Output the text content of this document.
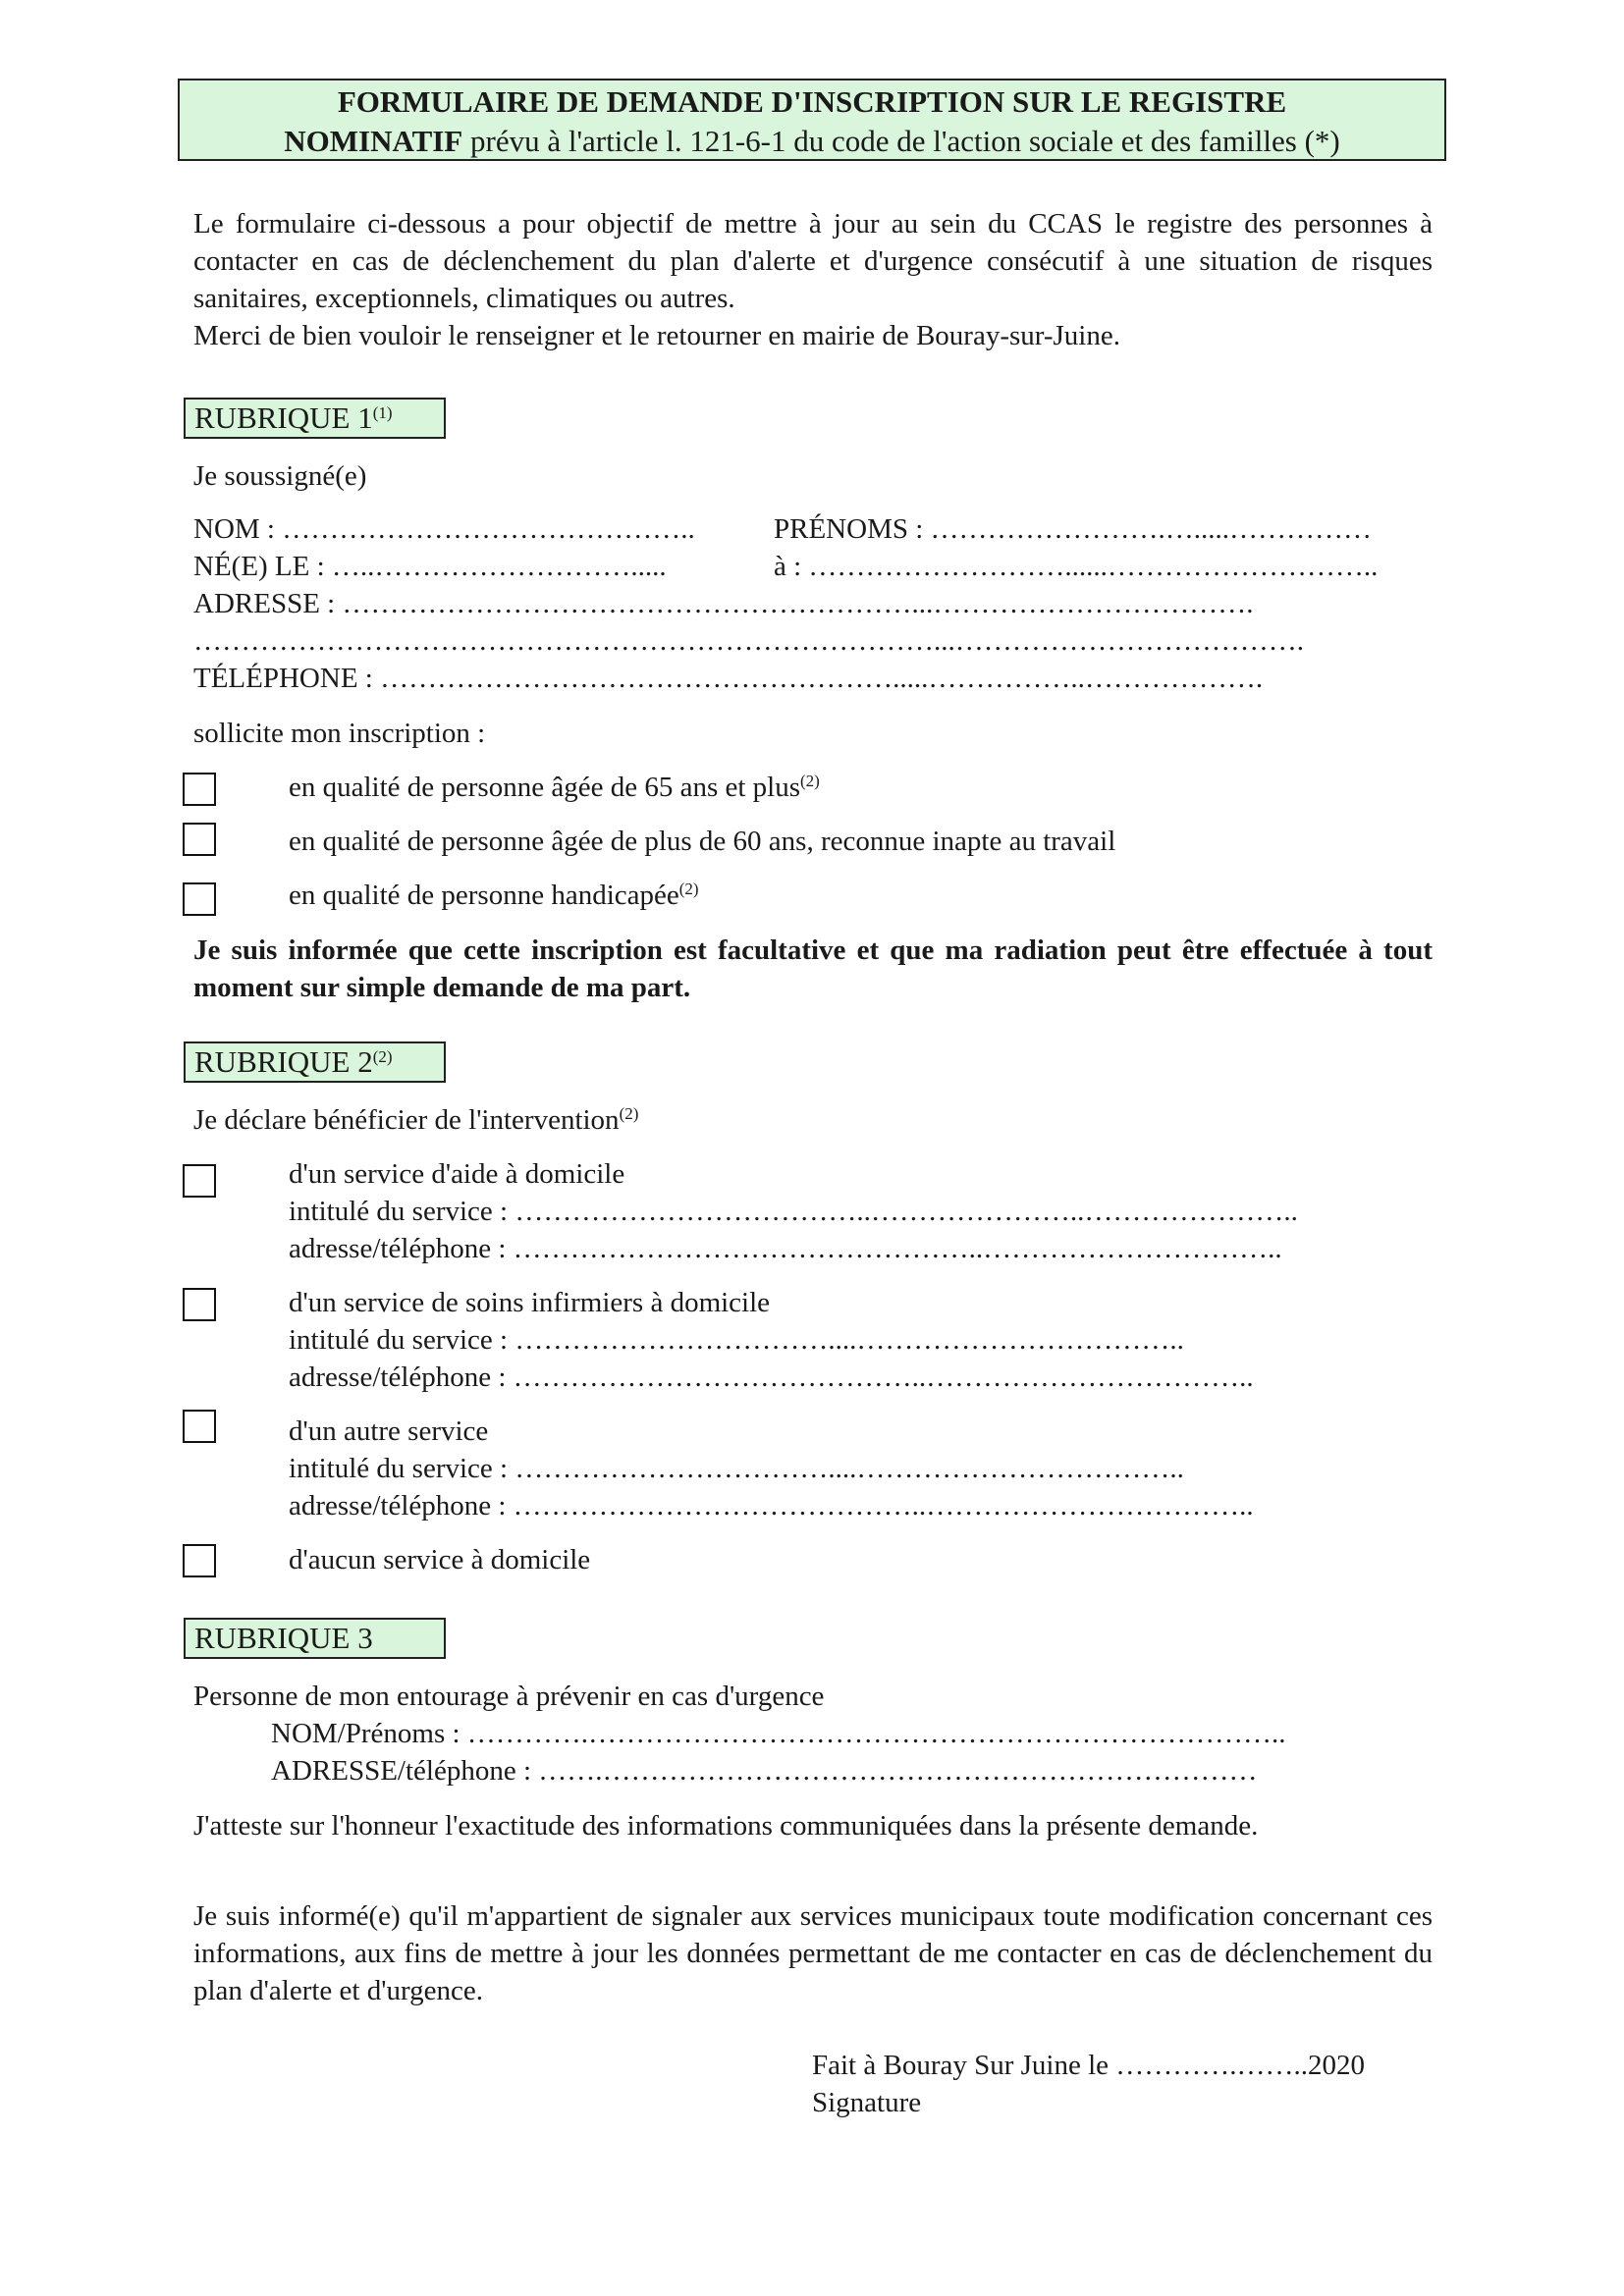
FORMULAIRE DE DEMANDE D'INSCRIPTION SUR LE REGISTRE
NOMINATIF prévu à l'article l. 121-6-1 du code de l'action sociale et des familles (*)

Le formulaire ci-dessous a pour objectif de mettre à jour au sein du CCAS le registre des personnes à contacter en cas de déclenchement du plan d'alerte et d'urgence consécutif à une situation de risques sanitaires, exceptionnels, climatiques ou autres.

Merci de bien vouloir le renseigner et le retourner en mairie de Bouray-sur-Juine.

RUBRIQUE 1$^{(1)}$
Je soussigné(e)
NOM : ……………………………………..	PRÉNOMS : …………………….….....……………
NÉ(E) LE : …..……………………….....	à : ………………………......………………………..
ADRESSE : ……………………………………………………...…………………………….
……………………………………………………………………...……………………………….
TÉLÉPHONE : ……………………………………………….....……………..……………….
sollicite mon inscription :
en qualité de personne âgée de 65 ans et plus$^{(2)}$
en qualité de personne âgée de plus de 60 ans, reconnue inapte au travail
en qualité de personne handicapée$^{(2)}$
Je suis informée que cette inscription est facultative et que ma radiation peut être effectuée à tout moment sur simple demande de ma part.
RUBRIQUE 2$^{(2)}$
Je déclare bénéficier de l'intervention$^{(2)}$
d'un service d'aide à domicile
intitulé du service : ………………………………..…………………..…………………..
adresse/téléphone : …………………………………………..…………………………..
d'un service de soins infirmiers à domicile
intitulé du service : ……………………………....……………………………..
adresse/téléphone : ……………………………………..……………………………..
d'un autre service
intitulé du service : ……………………………....……………………………..
adresse/téléphone : ……………………………………..……………………………..
d'aucun service à domicile
RUBRIQUE 3
Personne de mon entourage à prévenir en cas d'urgence
NOM/Prénoms : ………….………………………………………………………………..
ADRESSE/téléphone : …….……………………………………………………………
J'atteste sur l'honneur l'exactitude des informations communiquées dans la présente demande.
Je suis informé(e) qu'il m'appartient de signaler aux services municipaux toute modification concernant ces informations, aux fins de mettre à jour les données permettant de me contacter en cas de déclenchement du plan d'alerte et d'urgence.
Fait à Bouray Sur Juine le ………….……..2020
Signature
